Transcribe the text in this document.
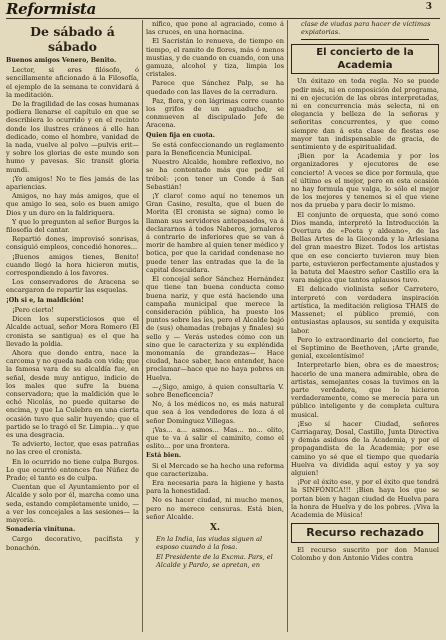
Reformista	3
De sábado á sábado
Buenos amigos Venero, Benito.

Lector, si eres filósofo, ó sencillamente aficionado á la Filosofía, el ejemplo de la semana te convidará á la meditación.

De la fragilidad de las cosas humanas podiera llenarse el capítulo en que se describiera lo ocurrido y en el recinto donde los ilustres cráneos á ello han dedicado, como el hombre, vanidad de la nada, vuelve al polvo —pulvis erit— y sobre los glorias de este mundo son humo y pavesas. Sic transit gloria mundi.

¡Yo amigos! No te fíes jamás de las apariencias.

Amigos, no hay más amigos, que el que amigo lo sea, solo es buen amigo Dios y un duro en la faldriquera.

Y que lo pregunten al señor Burgos la filosofía del cantar.

Repartió dones, improvisó sonrisas, consiguió empleos, concedió honores...

¡Buenos amigos tienes, Benito! cuando llegó la hora hicieron mutis, correspondiendo á los favores.

Los conservadores de Aracena se encargaron de repartir las esquelas.

¡Oh si e, la maldición!

¡Pero cierto!

Dicen los supersticiosos que el Alcalde actual, señor Mora Romero (El cronista se santigua) es el que ha llevado la poldia.

Ahora que dondo entra, nace la carcoma y no queda nada con vida; que la famosa vara de su alcaldía fue, en señal, desde muy antiguo, indicio de los males que sufre la buena conservadora; que la maldición que le echó Nicolás, no puede quitarse de encima, y que La Culebra en una cierta ocasión tuvo que salir huyendo; que el partido se lo tragó el Sr. Limpia... y que es una desgracia.

Te advierto, lector, que esas patrañas no las creo el cronista.

En lo ocurrido no tiene culpa Burgos. Lo que ocurrió entonces fue Núñez de Prado; el tanto es de culpa.

Cuentan que el Ayuntamiento por el Alcalde y solo por él, marcha como una seda, estando completamente unido, —a ver los concejales a las sesiones— la mayoría.

Sonadería vinítuna.

Cargo decorativo, pacífista y bonachón.

nífico, que pone al agraciado, como á las cruces, en una hornacina.

El Sacristán lo renueva, de tiempo en tiempo, el ramito de flores, más ó menos mustias, y de cuando en cuando, con una gamuza, alcohol y tiza, limpia los cristales.

Parece que Sánchez Palp, se ha quedado con las llaves de la cerradura.

Paz, flora, y con lágrimas corre cuanto los grifos de un aguaducho, se conmueven al discipulado Jefe de Aracena.

Quien fija en cuota.

Se está confeccionando un reglamento para la Beneficencia Municipal.

Nuestro Alcalde, hombre reflexivo, no se ha contentado más que pedir el trébol: ¡con tener un Conde á San Sebastián!

¡Y claro! como aquí no tenemos un Gran Casino, resulta, que el buen de Morita (El cronista se signa) como le llaman sus servidores antepasados, va á declararnos á todos Naberos, jornaleros á contrario de inferiores que se van á morir de hambre al quien tener médico y botica, por que la caridad condenase no puede tener las entradas que la de la capital descuidara.

El concejal señor Sánchez Hernández que tiene tan buena conducta como buena nariz, y que está haciendo una campaña municipal que merece la consideración pública, ha puesto los puntos sobre las íes, pero el Alcalde bajó de (sus) ohamadas (rebajas y finales) su sello y — Verás ustedes cómo con un sino que le caracteriza y su expléndida monomanía de grandezas— Hace ciudad, hace saber, hace entender, hace proclamar—hace que no haya pobres en Huelva.

—¿Sigo, amigo, á quien consultaría V. sobre Beneficencia?

No, á los médicos no, es más natural que sea á los vendedores de loza á el señor Domínguez Villegas.

¡Vas... a... asmos... Mas... no... olito, que te va á salir el caminito, como el eslito... por una frontera.

Está bien.

Si el Mercado se ha hecho una reforma que caracterizaba.

Era necesaria para la higiene y hasta para la honestidad.

No es hacer ciudad, ni mucho menos, pero no merece censuras. Está bien, señor Alcalde.

X.

En la India, las viudas siguen al esposo cuando á la fosa.

El Presidente de la Excma. Pars, el Alcalde y Pardo, se apretan, en

clase de viudas para hacer de víctimas expiatorias.

El concierto de la Academia

Un éxitazo en toda regla. No se puede pedir más, ni en composición del programa, ni en ejecución de las obras interpretadas, ni en concurrencia más selecta, ni en elegancia y belleza de la señoras y señoritas concurrentes, y que como siempre dan á esta clase de fiestas ese mayor tan indispensable de gracia, de sentimiento y de espiritualidad.

¡Bien por la Academia y por los organizadores y ejecutores de ese concierto! A veces se dice por formula, que el último es el mejor, pero en esta ocasión no hay formula que valga, lo sólo el mejor de los mejores y tenemos si el que viene nos da prueba y para decir lo mismo.

El conjunto de orquesta, que sonó como Dios manda, interpretó la Introducción la Overtura de «Poeta y aldeano», de las Bellas Artes de la Gioconda y la Arlesiana del gran maestro Bizet. Todos los artistas que en ese concierto tuvieron muy bien parte, estuvieron perfectamente ajustados y la batuta del Maestro señor Castillo era la vara mágica que tantos aplausos tuvo.

El delicado violinista señor Carretero, interpretó con verdadera inspiración artística, la meditación religiosa THAIS de Massenet; el público premió, con entusiastas aplausos, su sentida y exquisita labor.

Pero lo extraordinario del concierto, fue el Septimino de Beethoven, ¡Arte grande, genial, excelentísimo!

Interpretarlo bien, obra es de maestros; hacerlo de una manera admirable, obra de artistas, semejantes cosas la tuvimos en la parte verdadera, que lo hicieron verdaderamente, como se merecía para un público inteligente y de completa cultura musical.

¡Eso sí hacer Ciudad, señores Carriagaray, Dosal, Castillo, Junta Directiva y demás asiduos de la Academia, y por el propagandista de la Academia; por ese camino yo sé que el tiempo que quedaría Huelva va dividida aquí estoy y ya soy alguien!

¡Por el éxito ese, y por el éxito que tendrá la SINFÓNICA!!! ¡Bien haya los que se portan bien y hagan ciudad de Huelva para la honra de Huelva y de los pobres. ¡Viva la Academia de Música!

Recurso rechazado

El recurso suscrito por don Manuel Colombo y don Antonio Vides contra
